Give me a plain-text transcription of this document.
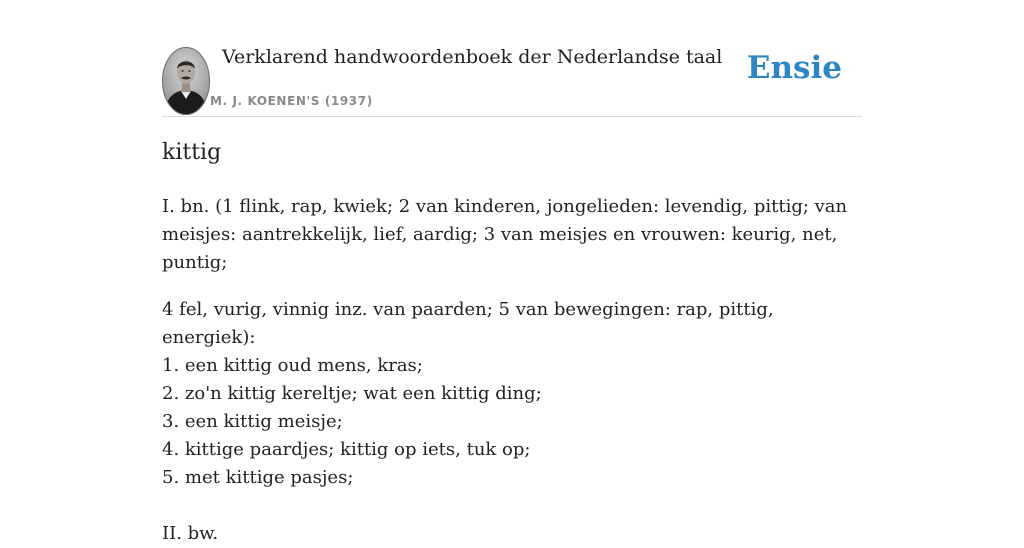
Verklarend handwoordenboek der Nederlandse taal
M. J. KOENEN'S (1937)
Ensie
kittig

I. bn. (1 flink, rap, kwiek; 2 van kinderen, jongelieden: levendig, pittig; van meisjes: aantrekkelijk, lief, aardig; 3 van meisjes en vrouwen: keurig, net, puntig;

4 fel, vurig, vinnig inz. van paarden; 5 van bewegingen: rap, pittig, energiek):

1. een kittig oud mens, kras;

2. zo'n kittig kereltje; wat een kittig ding;

3. een kittig meisje;

4. kittige paardjes; kittig op iets, tuk op;

5. met kittige pasjes;

II. bw.
